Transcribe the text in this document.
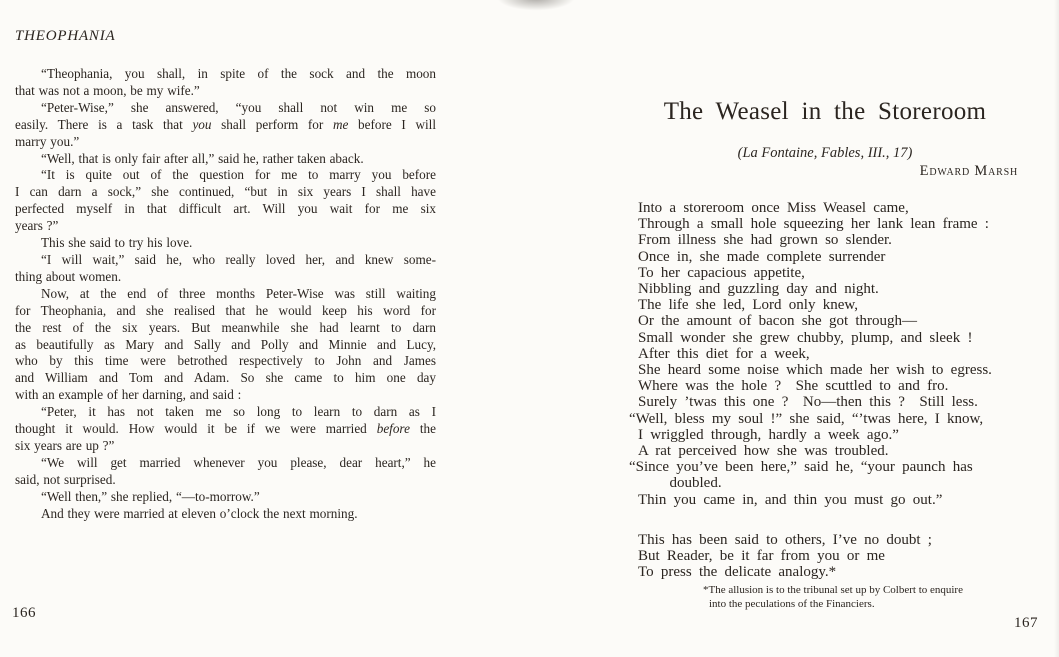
THEOPHANIA
“Theophania, you shall, in spite of the sock and the moon
that was not a moon, be my wife.”
“Peter-Wise,” she answered, “you shall not win me so
easily. There is a task that you shall perform for me before I will
marry you.”
“Well, that is only fair after all,” said he, rather taken aback.
“It is quite out of the question for me to marry you before
I can darn a sock,” she continued, “but in six years I shall have
perfected myself in that difficult art. Will you wait for me six
years ?”
This she said to try his love.
“I will wait,” said he, who really loved her, and knew some-
thing about women.
Now, at the end of three months Peter-Wise was still waiting
for Theophania, and she realised that he would keep his word for
the rest of the six years. But meanwhile she had learnt to darn
as beautifully as Mary and Sally and Polly and Minnie and Lucy,
who by this time were betrothed respectively to John and James
and William and Tom and Adam. So she came to him one day
with an example of her darning, and said :
“Peter, it has not taken me so long to learn to darn as I
thought it would. How would it be if we were married before the
six years are up ?”
“We will get married whenever you please, dear heart,” he
said, not surprised.
“Well then,” she replied, “—to-morrow.”
And they were married at eleven o’clock the next morning.
166
The Weasel in the Storeroom
(La Fontaine, Fables, III., 17)
Edward Marsh
Into a storeroom once Miss Weasel came,
Through a small hole squeezing her lank lean frame :
From illness she had grown so slender.
Once in, she made complete surrender
To her capacious appetite,
Nibbling and guzzling day and night.
The life she led, Lord only knew,
Or the amount of bacon she got through—
Small wonder she grew chubby, plump, and sleek !
After this diet for a week,
She heard some noise which made her wish to egress.
Where was the hole ?  She scuttled to and fro.
Surely ’twas this one ?  No—then this ?  Still less.
“Well, bless my soul !” she said, “’twas here, I know,
I wriggled through, hardly a week ago.”
A rat perceived how she was troubled.
“Since you’ve been here,” said he, “your paunch has
doubled.
Thin you came in, and thin you must go out.”
This has been said to others, I’ve no doubt ;
But Reader, be it far from you or me
To press the delicate analogy.*
*The allusion is to the tribunal set up by Colbert to enquire
into the peculations of the Financiers.
167
